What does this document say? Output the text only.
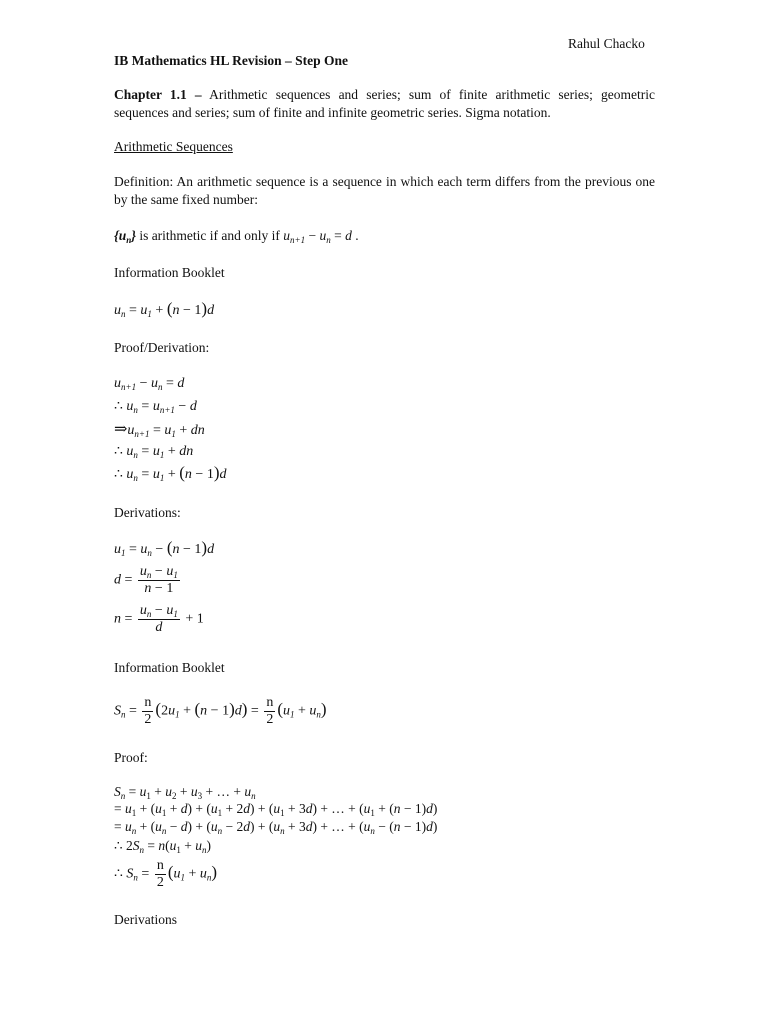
Rahul Chacko
IB Mathematics HL Revision – Step One
Chapter 1.1 – Arithmetic sequences and series; sum of finite arithmetic series; geometric sequences and series; sum of finite and infinite geometric series. Sigma notation.
Arithmetic Sequences
Definition: An arithmetic sequence is a sequence in which each term differs from the previous one by the same fixed number:
$\{u_n\}$ is arithmetic if and only if $u_{n+1} - u_n = d$ .
Information Booklet
$u_n = u_1 + (n - 1)d$
Proof/Derivation:
$u_{n+1} - u_n = d$
∴ $u_n = u_{n+1} - d$
$\Rightarrow u_{n+1} = u_1$ + dn
∴ $u_n = u_1$ + dn
∴ $u_n = u_1 + (n - 1)d$
Derivations:
$u_1 = u_n - (n - 1)d$
$d = \frac{u_n - u_1}{n - 1}$
$n = \frac{u_n - u_1}{d} + 1$
Information Booklet
$S_n = \frac{n}{2} (2u_1 + (n - 1)d) = \frac{n}{2} (u_1 + u_n)$
Proof:
$S_n = u_1 + u_2 + u_3$ + … + $u_n$
= $u_1 + (u_1 + d) + (u_1 + 2d) + (u_1 + 3d)$ + … + $(u_1 + (n - 1)d)$
= $u_n + (u_n - d) + (u_n - 2d) + (u_n + 3d)$ + … + $(u_n - (n - 1)d)$
∴ $2S_n = n(u_1 + u_n)$
∴ $S_n = \frac{n}{2} (u_1 + u_n)$
Derivations
